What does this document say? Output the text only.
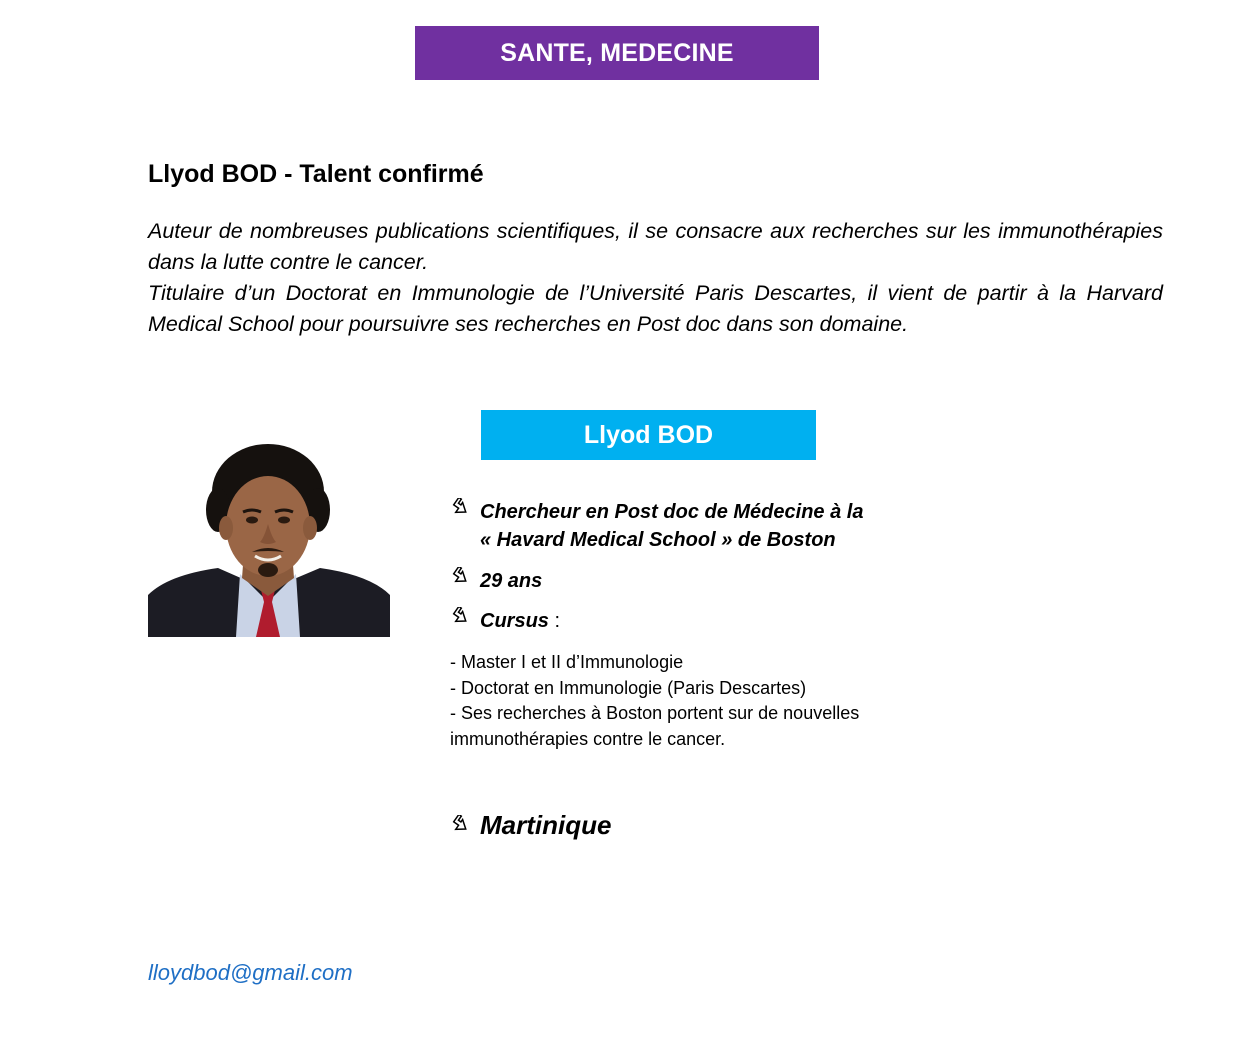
SANTE, MEDECINE
Llyod BOD - Talent confirmé

Auteur de nombreuses publications scientifiques, il se consacre aux recherches sur les immunothérapies dans la lutte contre le cancer.

Titulaire d’un Doctorat en Immunologie de l’Université Paris Descartes, il vient de partir à la Harvard Medical School pour poursuivre ses recherches en Post doc dans son domaine.

Llyod BOD
Chercheur en Post doc de Médecine à la
« Havard Medical School » de Boston
29 ans
Cursus :
- Master I et II d’Immunologie
- Doctorat en Immunologie (Paris Descartes)
- Ses recherches à Boston portent sur de nouvelles
immunothérapies contre le cancer.
Martinique
lloydbod@gmail.com
